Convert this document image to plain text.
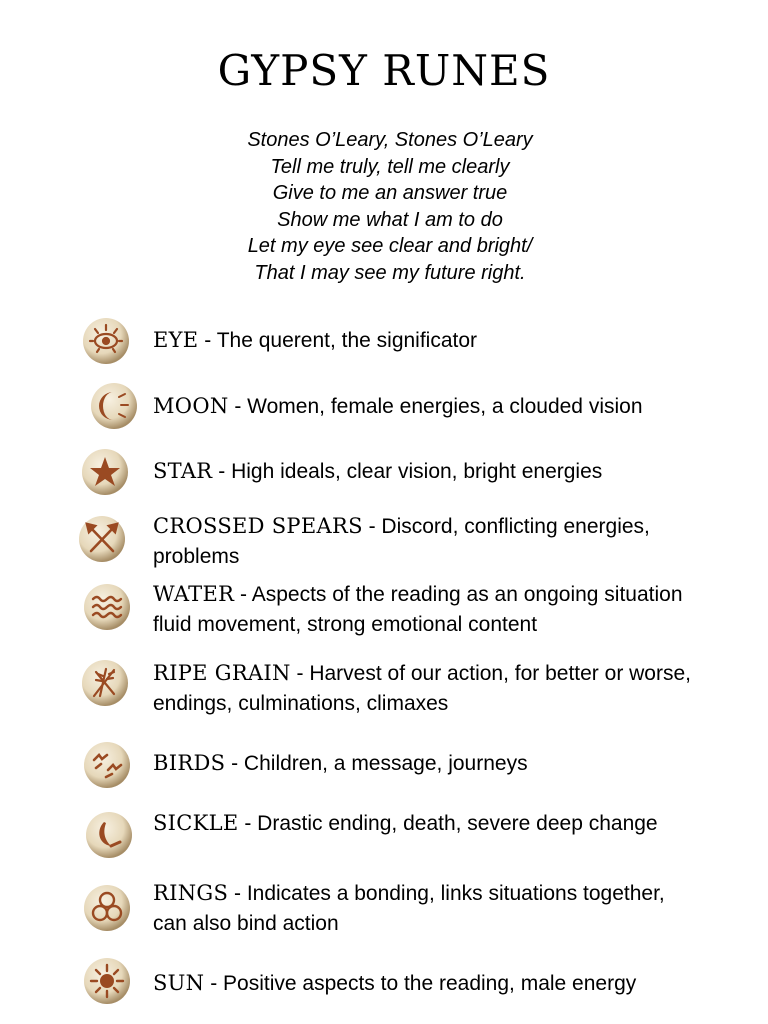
GYPSY RUNES
Stones O’Leary, Stones O’Leary
Tell me truly, tell me clearly
Give to me an answer true
Show me what I am to do
Let my eye see clear and bright/
That I may see my future right.
EYE - The querent, the significator
MOON - Women, female energies, a clouded vision
STAR - High ideals, clear vision, bright energies
CROSSED SPEARS - Discord, conflicting energies, problems
WATER - Aspects of the reading as an ongoing situation fluid movement, strong emotional content
RIPE GRAIN - Harvest of our action, for better or worse, endings, culminations, climaxes
BIRDS - Children, a message, journeys
SICKLE - Drastic ending, death, severe deep change
RINGS - Indicates a bonding, links situations together, can also bind action
SUN - Positive aspects to the reading, male energy
